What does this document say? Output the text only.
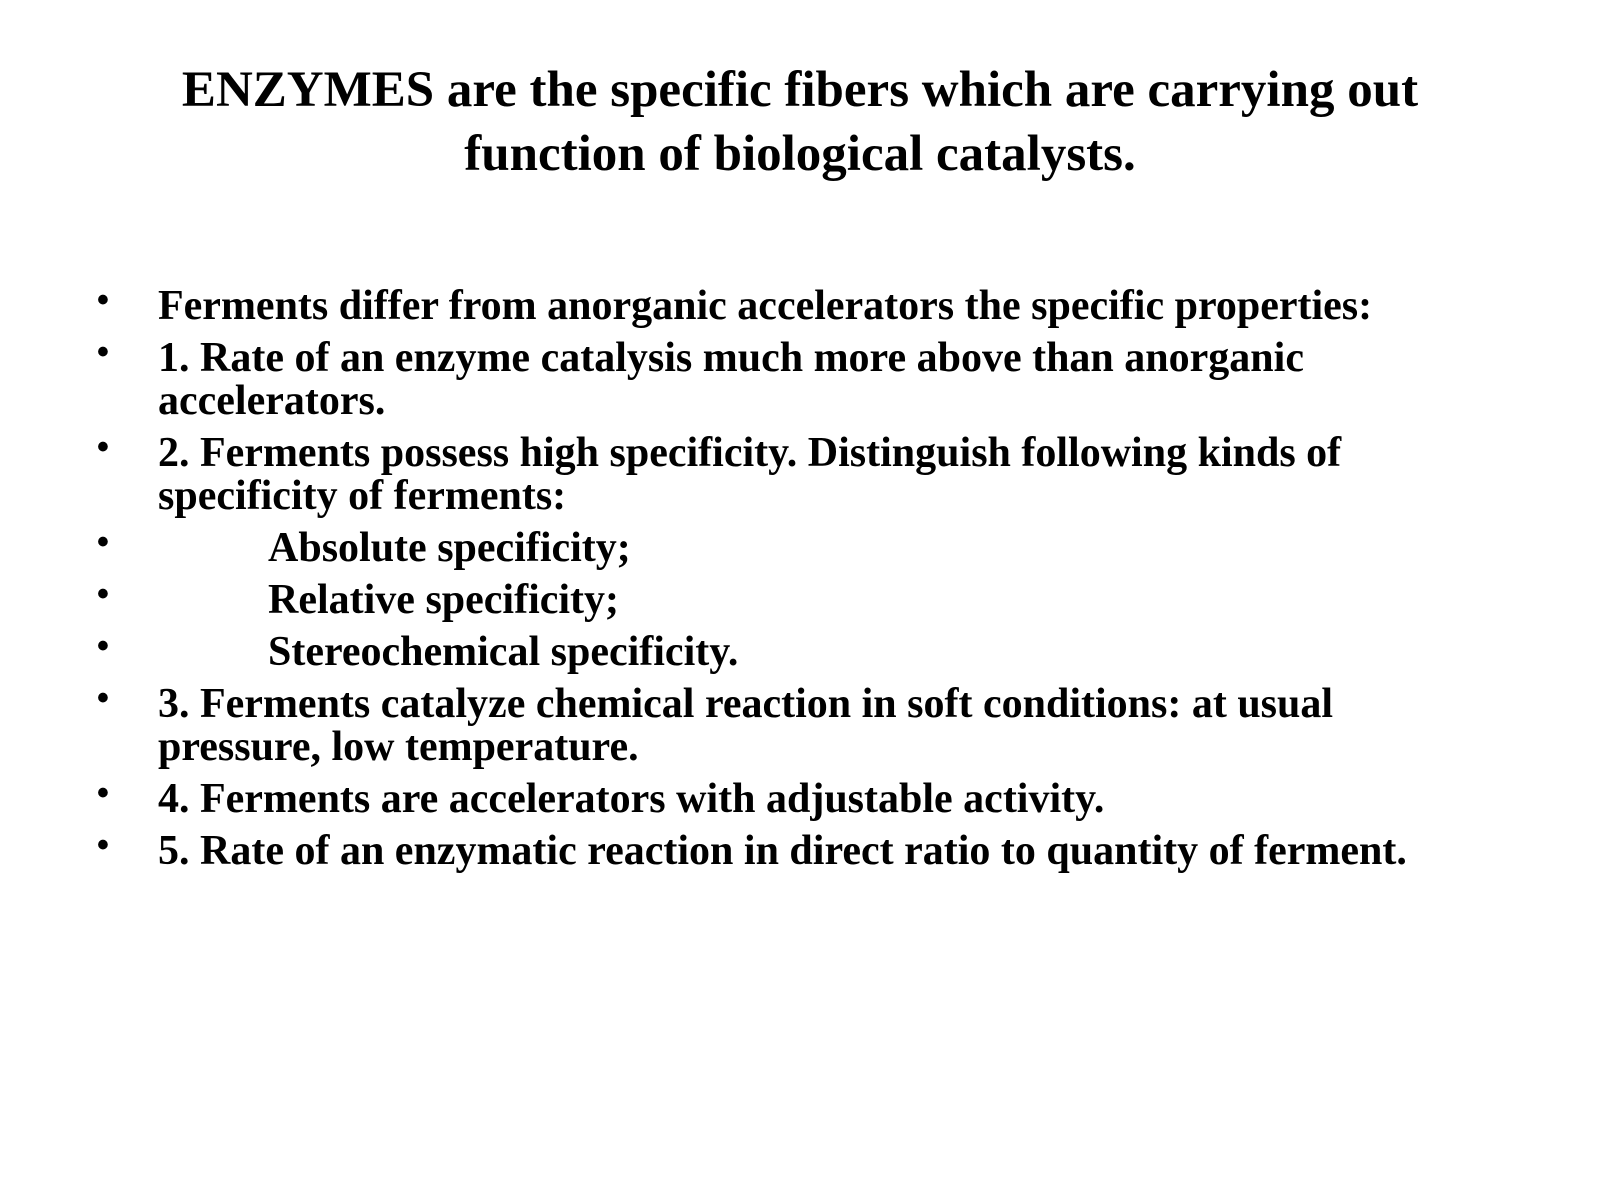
ENZYMES are the specific fibers which are carrying out
function of biological catalysts.
• Ferments differ from anorganic accelerators the specific properties:
• 1. Rate of an enzyme catalysis much more above than anorganic
accelerators.
• 2. Ferments possess high specificity. Distinguish following kinds of
specificity of ferments:
•	Absolute specificity;
•	Relative specificity;
•	Stereochemical specificity.
• 3. Ferments catalyze chemical reaction in soft conditions: at usual
pressure, low temperature.
• 4. Ferments are accelerators with adjustable activity.
• 5. Rate of an enzymatic reaction in direct ratio to quantity of ferment.
